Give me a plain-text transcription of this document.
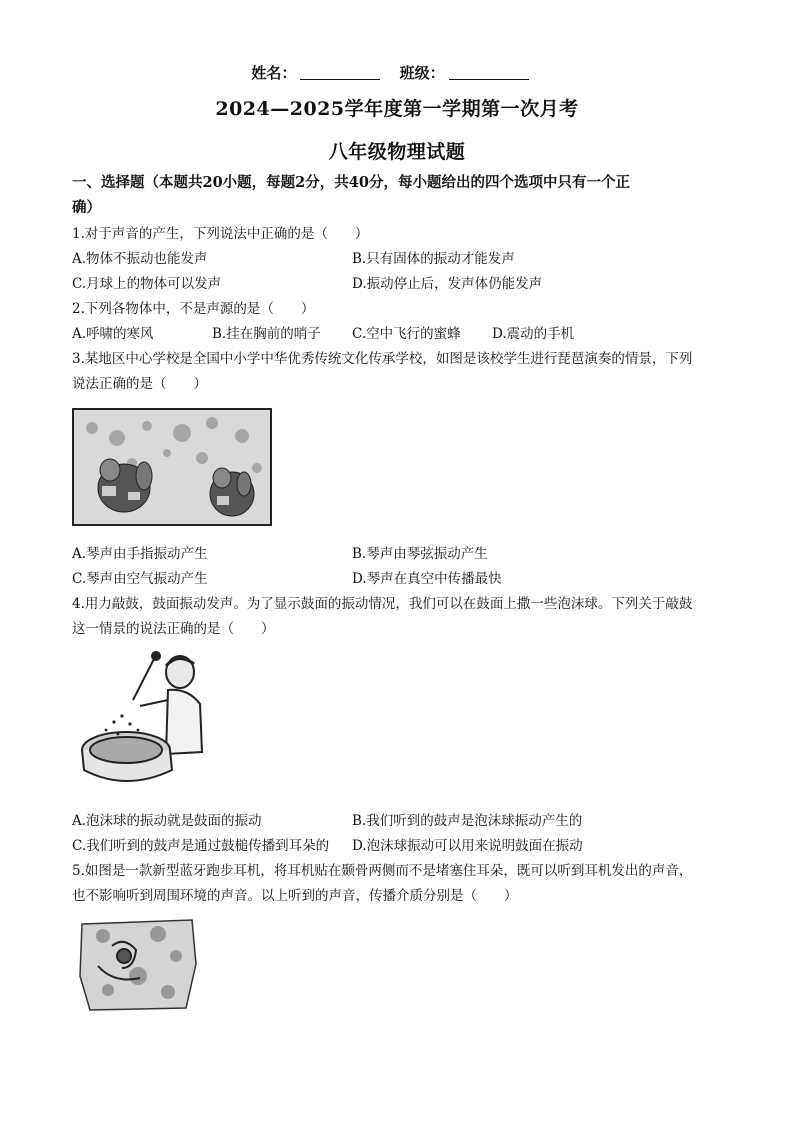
姓名：	班级：
2024—2025学年度第一学期第一次月考
八年级物理试题
一、选择题（本题共20小题，每题2分，共40分，每小题给出的四个选项中只有一个正
确）
1.对于声音的产生，下列说法中正确的是（　　）
A.物体不振动也能发声	B.只有固体的振动才能发声
C.月球上的物体可以发声	D.振动停止后，发声体仍能发声
2.下列各物体中，不是声源的是（　　）
A.呼啸的寒风	B.挂在胸前的哨子 C.空中飞行的蜜蜂 D.震动的手机
3.某地区中心学校是全国中小学中华优秀传统文化传承学校，如图是该校学生进行琵琶演奏的情景，下列
说法正确的是（　　）
A.琴声由手指振动产生	B.琴声由琴弦振动产生
C.琴声由空气振动产生	D.琴声在真空中传播最快
4.用力敲鼓，鼓面振动发声。为了显示鼓面的振动情况，我们可以在鼓面上撒一些泡沫球。下列关于敲鼓
这一情景的说法正确的是（　　）
A.泡沫球的振动就是鼓面的振动	B.我们听到的鼓声是泡沫球振动产生的
C.我们听到的鼓声是通过鼓槌传播到耳朵的 D.泡沫球振动可以用来说明鼓面在振动
5.如图是一款新型蓝牙跑步耳机，将耳机贴在颞骨两侧而不是堵塞住耳朵，既可以听到耳机发出的声音，
也不影响听到周围环境的声音。以上听到的声音，传播介质分别是（　　）
